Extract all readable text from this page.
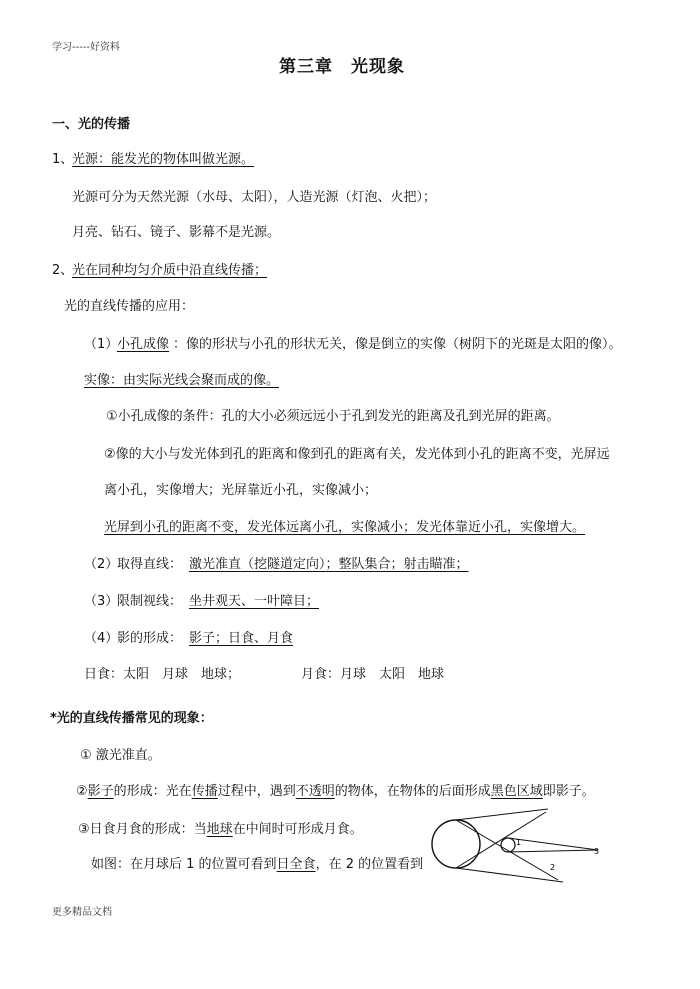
学习-----好资料
第三章　光现象
一、光的传播
1、
光源：能发光的物体叫做光源。
光源可分为天然光源（水母、太阳），人造光源（灯泡、火把）；
月亮、钻石、镜子、影幕不是光源。
2、
光在同种均匀介质中沿直线传播；
光的直线传播的应用：
（1）
小孔成像 ：像的形状与小孔的形状无关，像是倒立的实像（树阴下的光斑是太阳的像）。
实像：由实际光线会聚而成的像。
①小孔成像的条件：孔的大小必须远远小于孔到发光的距离及孔到光屏的距离。
②像的大小与发光体到孔的距离和像到孔的距离有关，发光体到小孔的距离不变，光屏远
离小孔，实像增大；光屏靠近小孔，实像减小；
光屏到小孔的距离不变，发光体远离小孔，实像减小；发光体靠近小孔，实像增大。
（2）
取得直线： 激光准直（挖隧道定向）；整队集合；射击瞄准；
（3）
限制视线： 坐井观天、一叶障目；
（4）
影的形成： 影子；日食、月食
日食：太阳　月球　地球；	月食：月球　太阳　地球
*光的直线传播常见的现象：
① 激光准直。
②影子的形成：光在传播过程中，遇到不透明的物体，在物体的后面形成黑色区域即影子。
③日食月食的形成：当地球在中间时可形成月食。
如图：在月球后 1 的位置可看到日全食，在 2 的位置看到
1
2
3
更多精品文档
